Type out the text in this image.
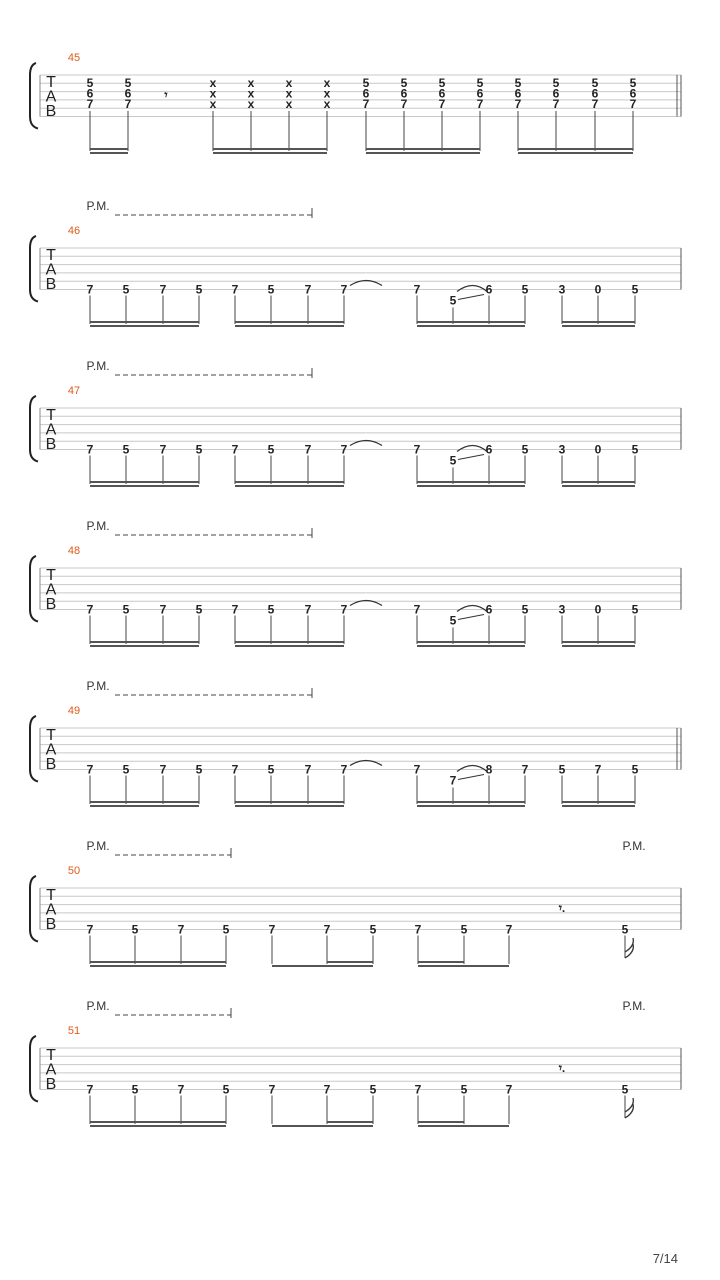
T
A
B
45
5
6
7
5
6
7
𝄾
x
x
x
x
x
x
x
x
x
x
x
x
5
6
7
5
6
7
5
6
7
5
6
7
5
6
7
5
6
7
5
6
7
5
6
7
T
A
B
46
P.M.
7 5	7 5 7 5	7 7	7
5
6 5	3 0	5
T
A
B
47
P.M.
7 5	7 5 7 5	7 7	7
5
6 5	3 0	5
T
A
B
48
P.M.
7 5	7 5 7 5	7 7	7
5
6 5	3 0	5
T
A
B
49
P.M.
7 5	7 5 7 5	7 7	7
7
8 7	5 7	5
T
A
B
50
P.M.	P.M.
7	5	7	5	7	7	5	7	5	7	5
𝄾.
T
A
B
51
P.M.	P.M.
7	5	7	5	7	7	5	7	5	7	5
𝄾.
7/14
